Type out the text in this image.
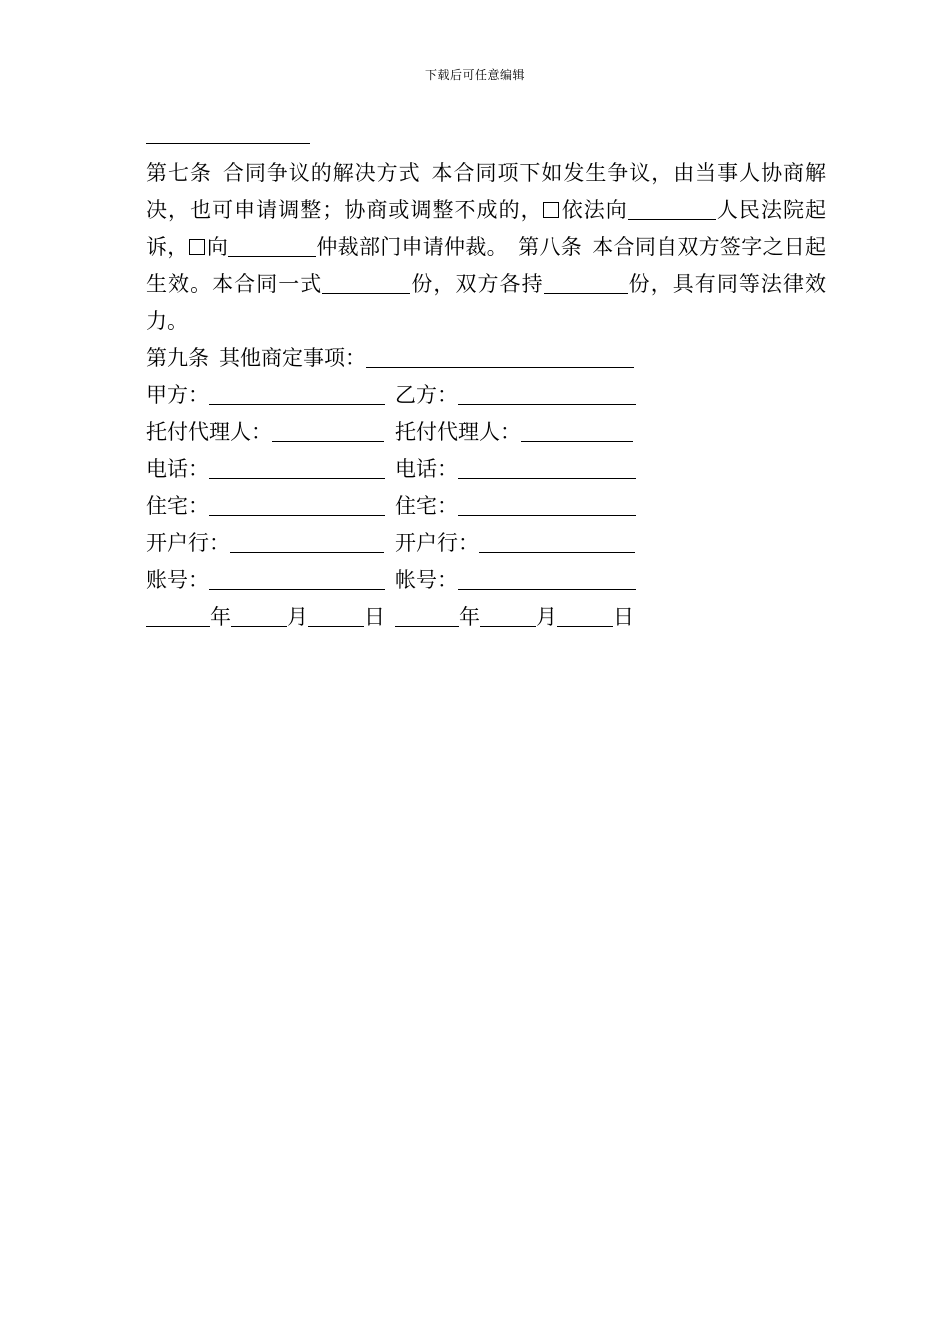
下载后可任意编辑

第七条 合同争议的解决方式 本合同项下如发生争议，由当事人协商解决，也可申请调整；协商或调整不成的， 依法向	人民法院起诉， 向	仲裁部门申请仲裁。 第八条 本合同自双方签字之日起生效。本合同一式	份，双方各持	份，具有同等法律效力。

第九条 其他商定事项：
甲方：	乙方：
托付代理人：	托付代理人：
电话：	电话：
住宅：	住宅：
开户行：	开户行：
账号：	帐号：
年	月	日	年	月	日
